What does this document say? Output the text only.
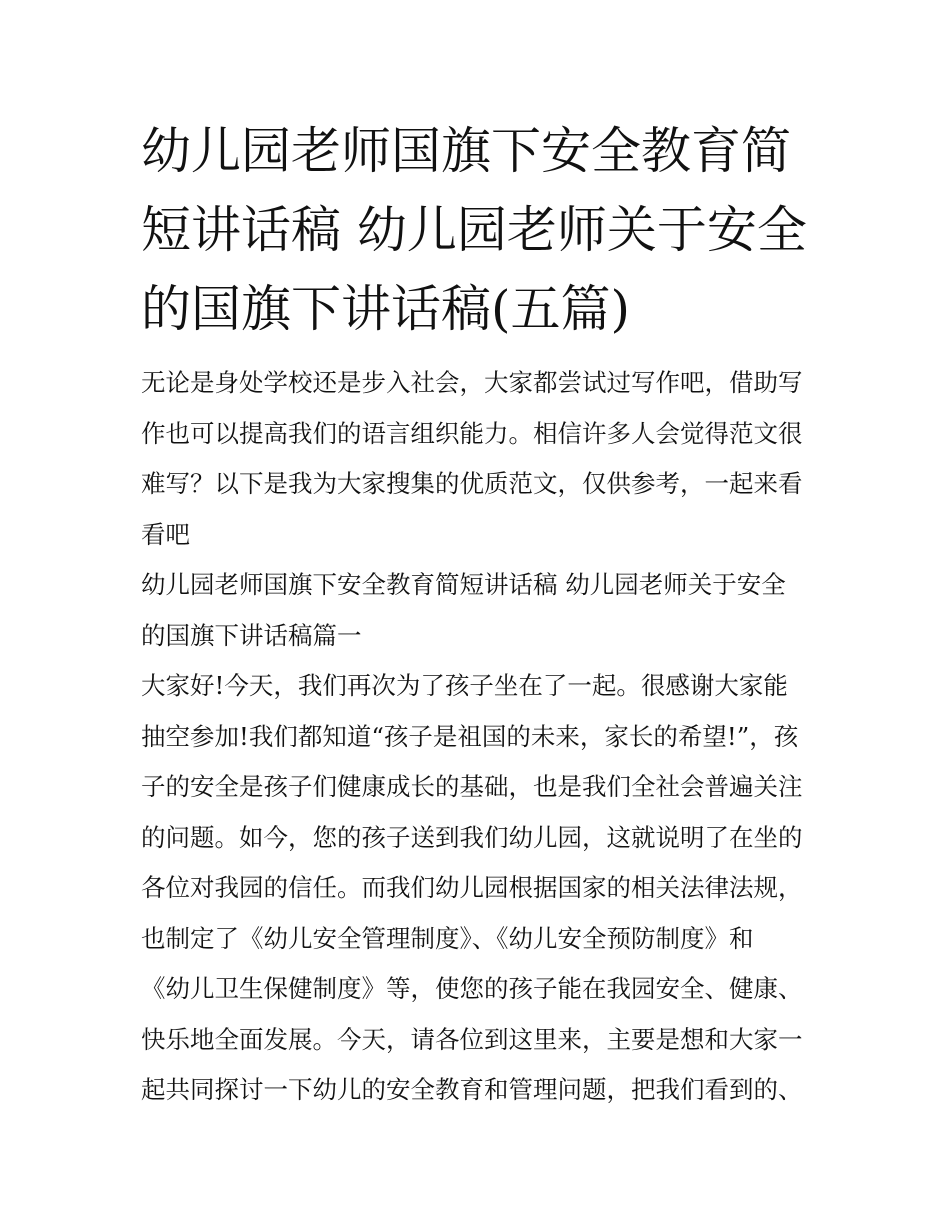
幼儿园老师国旗下安全教育简
短讲话稿 幼儿园老师关于安全
的国旗下讲话稿(五篇)
无论是身处学校还是步入社会，大家都尝试过写作吧，借助写
作也可以提高我们的语言组织能力。相信许多人会觉得范文很
难写？以下是我为大家搜集的优质范文，仅供参考，一起来看
看吧
幼儿园老师国旗下安全教育简短讲话稿 幼儿园老师关于安全
的国旗下讲话稿篇一
大家好!今天，我们再次为了孩子坐在了一起。很感谢大家能
抽空参加!我们都知道“孩子是祖国的未来，家长的希望!”，孩
子的安全是孩子们健康成长的基础，也是我们全社会普遍关注
的问题。如今，您的孩子送到我们幼儿园，这就说明了在坐的
各位对我园的信任。而我们幼儿园根据国家的相关法律法规，
也制定了《幼儿安全管理制度》、《幼儿安全预防制度》和
《幼儿卫生保健制度》等，使您的孩子能在我园安全、健康、
快乐地全面发展。今天，请各位到这里来，主要是想和大家一
起共同探讨一下幼儿的安全教育和管理问题，把我们看到的、
